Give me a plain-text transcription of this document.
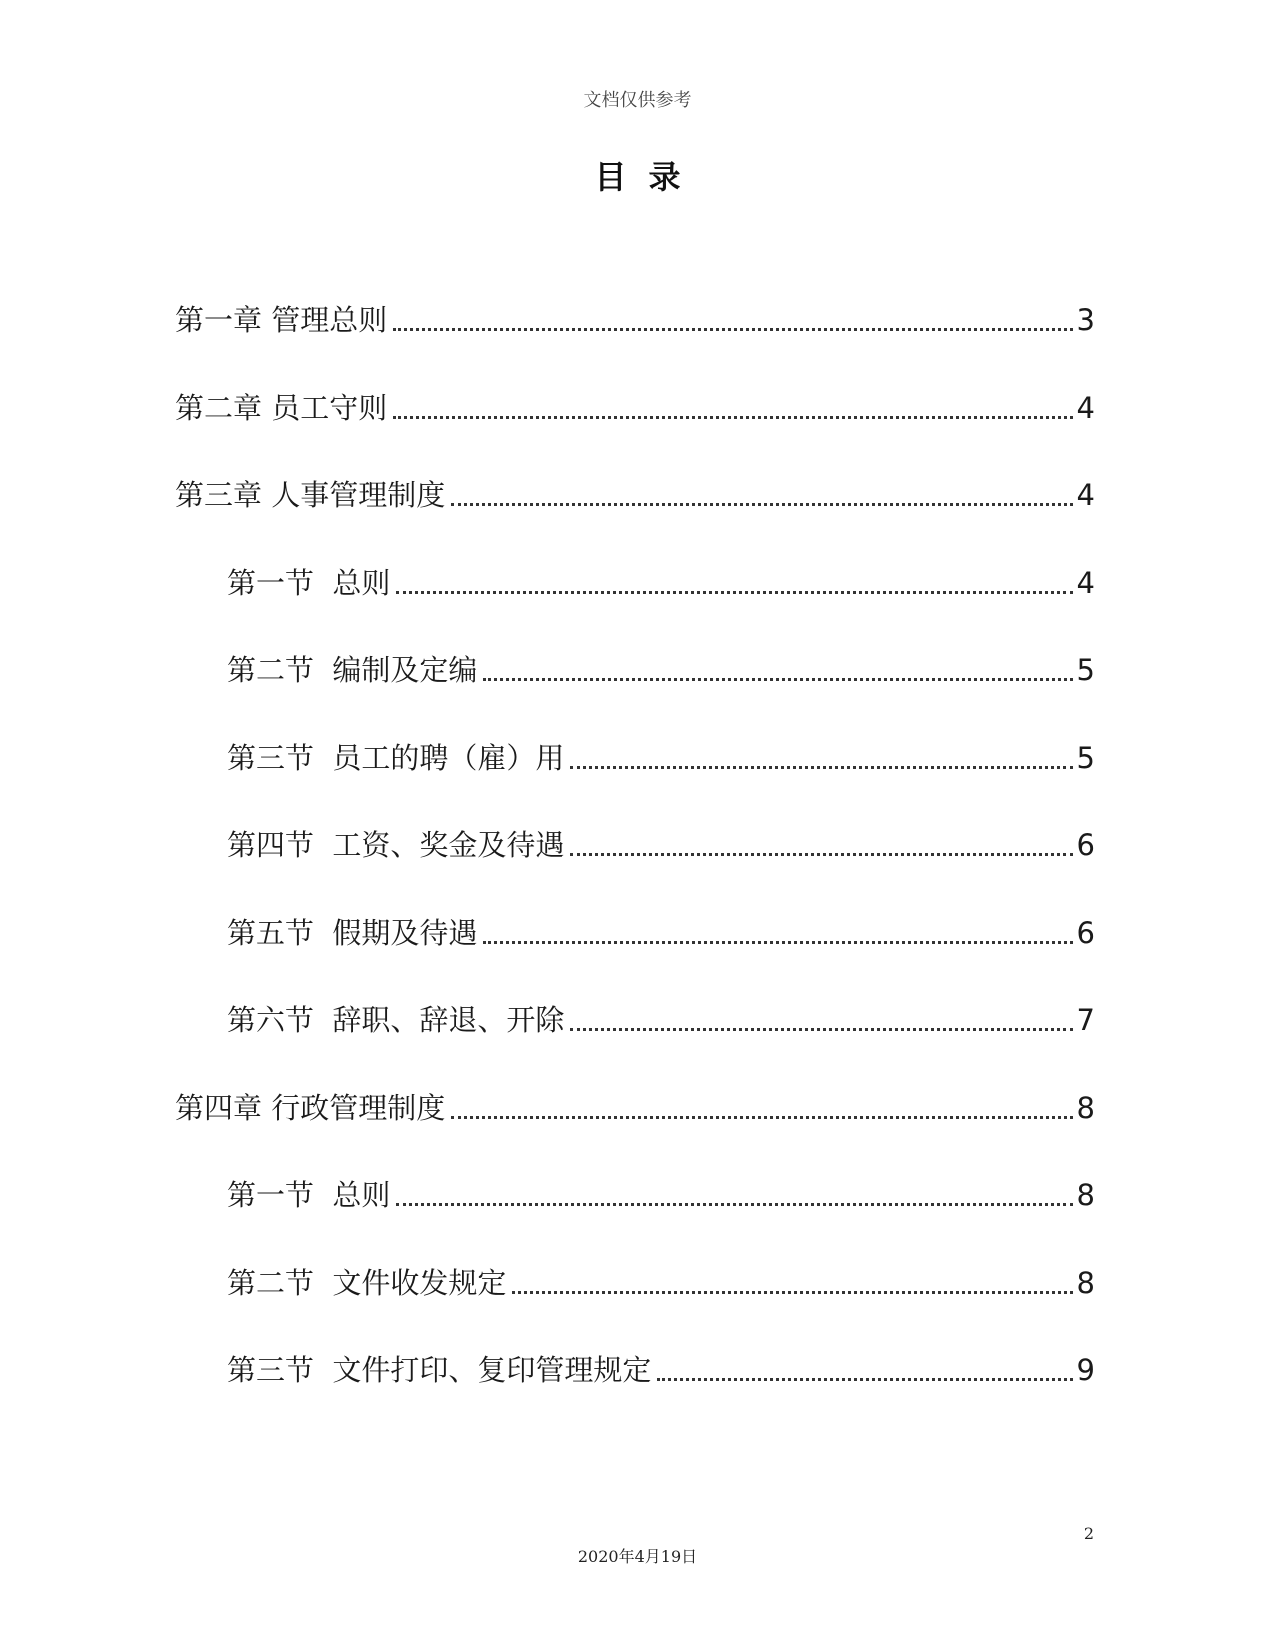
文档仅供参考
目录
第一章 管理总则	3
第二章 员工守则	4
第三章 人事管理制度	4
第一节  总则	4
第二节  编制及定编	5
第三节  员工的聘（雇）用	5
第四节  工资、奖金及待遇	6
第五节  假期及待遇	6
第六节  辞职、辞退、开除	7
第四章 行政管理制度	8
第一节  总则	8
第二节  文件收发规定	8
第三节  文件打印、复印管理规定	9
2
2020年4月19日
